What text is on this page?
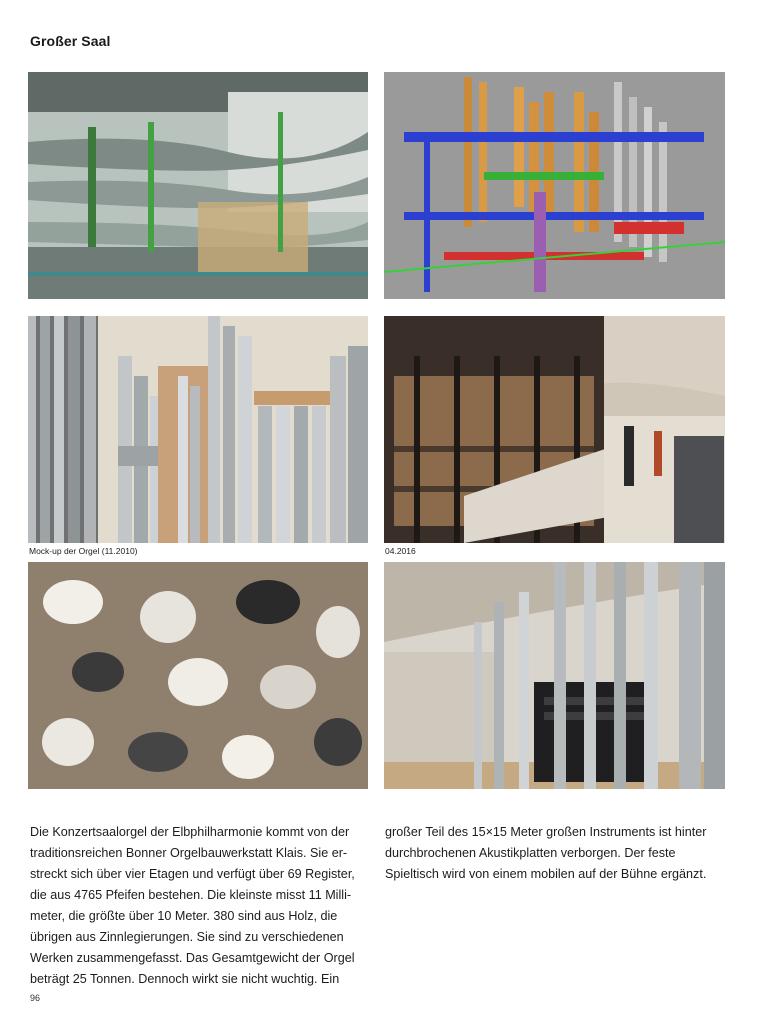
Großer Saal
Mock-up der Orgel (11.2010)	04.2016
Die Konzertsaalorgel der Elbphilharmonie kommt von der
traditionsreichen Bonner Orgelbauwerkstatt Klais. Sie er-
streckt sich über vier Etagen und verfügt über 69 Register,
die aus 4765 Pfeifen bestehen. Die kleinste misst 11 Milli-
meter, die größte über 10 Meter. 380 sind aus Holz, die
übrigen aus Zinnlegierungen. Sie sind zu verschiedenen
Werken zusammengefasst. Das Gesamtgewicht der Orgel
beträgt 25 Tonnen. Dennoch wirkt sie nicht wuchtig. Ein
großer Teil des 15×15 Meter großen Instruments ist hinter
durchbrochenen Akustikplatten verborgen. Der feste
Spieltisch wird von einem mobilen auf der Bühne ergänzt.
96
